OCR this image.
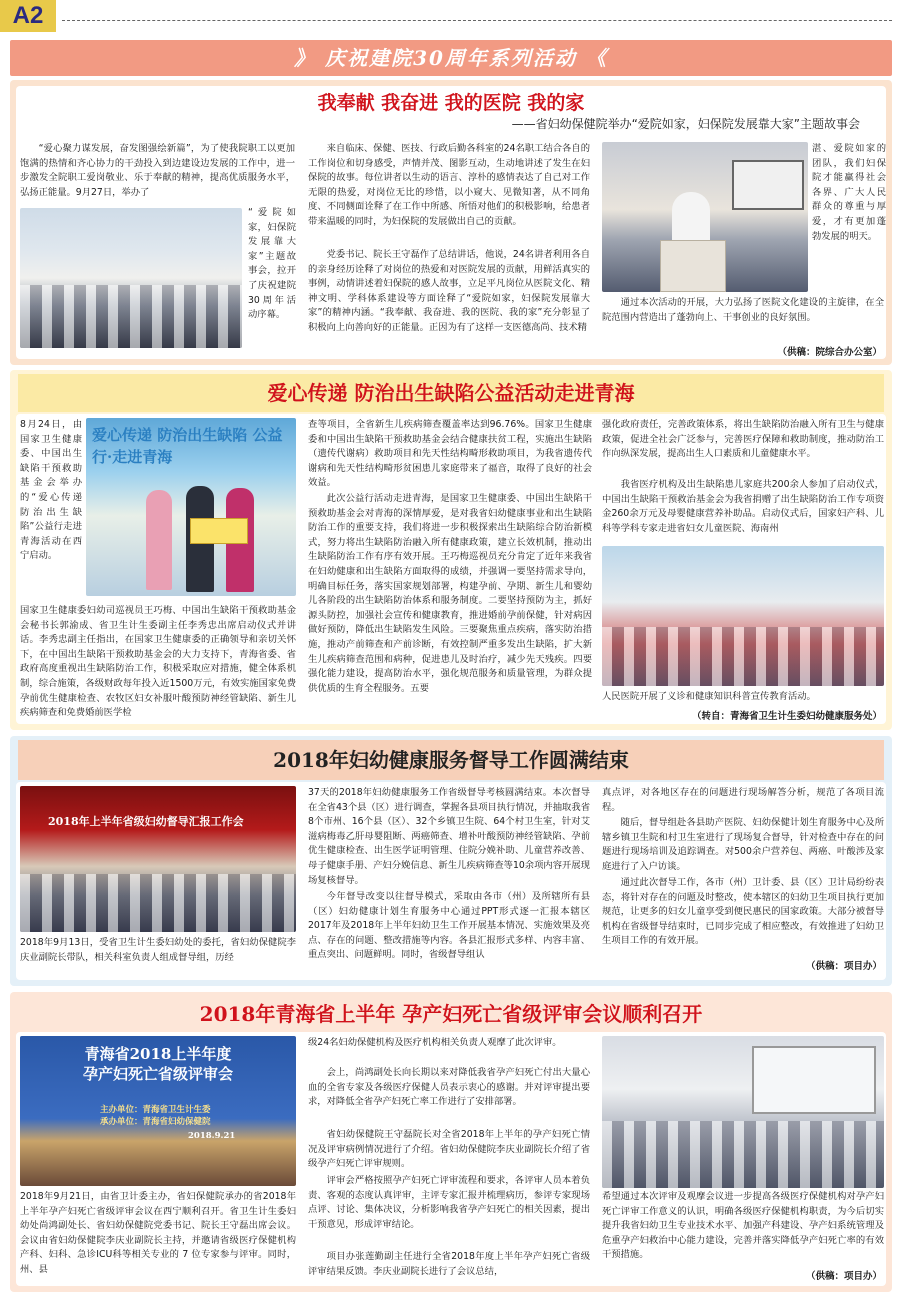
A2
》 庆祝建院30周年系列活动 《
我奉献 我奋进 我的医院 我的家
——省妇幼保健院举办“爱院如家，妇保院发展靠大家”主题故事会

“爱心聚力谋发展，奋发图强绘新篇”，为了使我院职工以更加饱满的热情和齐心协力的干劲投入到边建设边发展的工作中，进一步激发全院职工爱岗敬业、乐于奉献的精神，提高优质服务水平，弘扬正能量。9月27日，举办了

“爱院如家，妇保院发展靠大家”主题故事会，拉开了庆祝建院30周年活动序幕。

来自临床、保健、医技、行政后勤各科室的24名职工结合各自的工作岗位和切身感受，声情并茂、图影互动，生动地讲述了发生在妇保院的故事。每位讲者以生动的语言、淳朴的感情表达了自己对工作无限的热爱，对岗位无比的珍惜，以小窥大、见微知著，从不同角度、不同侧面诠释了在工作中所感、所悟对他们的积极影响，给患者带来温暖的同时，为妇保院的发展做出自己的贡献。

党委书记、院长王守磊作了总结讲话，他说，24名讲者利用各自的亲身经历诠释了对岗位的热爱和对医院发展的贡献，用鲜活真实的事例，动情讲述着妇保院的感人故事，立足平凡岗位从医院文化、精神文明、学科体系建设等方面诠释了“爱院如家，妇保院发展靠大家”的精神内涵。“我奉献、我奋进、我的医院、我的家”充分彰显了积极向上向善向好的正能量。正因为有了这样一支医德高尚、技术精

湛、爱院如家的团队，我们妇保院才能赢得社会各界、广大人民群众的尊重与厚爱，才有更加蓬勃发展的明天。

通过本次活动的开展，大力弘扬了医院文化建设的主旋律，在全院范围内营造出了蓬勃向上、干事创业的良好氛围。

（供稿：院综合办公室）
爱心传递 防治出生缺陷公益活动走进青海
8月24日，由国家卫生健康委、中国出生缺陷干预救助基金会举办的“爱心传递 防治出生缺陷”公益行走进青海活动在西宁启动。
爱心传递 防治出生缺陷 公益行·走进青海
国家卫生健康委妇幼司巡视员王巧梅、中国出生缺陷干预救助基金会秘书长郭渝成、省卫生计生委副主任李秀忠出席启动仪式并讲话。李秀忠副主任指出，在国家卫生健康委的正确领导和亲切关怀下，在中国出生缺陷干预救助基金会的大力支持下，青海省委、省政府高度重视出生缺陷防治工作，积极采取应对措施，健全体系机制，综合施策，各级财政每年投入近1500万元，有效实施国家免费孕前优生健康检查、农牧区妇女补服叶酸预防神经管缺陷、新生儿疾病筛查和免费婚前医学检
查等项目，全省新生儿疾病筛查覆盖率达到96.76%。国家卫生健康委和中国出生缺陷干预救助基金会结合健康扶贫工程，实施出生缺陷（遗传代谢病）救助项目和先天性结构畸形救助项目，为我省遗传代谢病和先天性结构畸形贫困患儿家庭带来了福音，取得了良好的社会效益。

此次公益行活动走进青海，是国家卫生健康委、中国出生缺陷干预救助基金会对青海的深情厚爱，是对我省妇幼健康事业和出生缺陷防治工作的重要支持，我们将进一步积极探索出生缺陷综合防治新模式，努力将出生缺陷防治融入所有健康政策，建立长效机制，推动出生缺陷防治工作有序有效开展。王巧梅巡视员充分肯定了近年来我省在妇幼健康和出生缺陷方面取得的成绩，并强调一要坚持需求导向，明确目标任务，落实国家规划部署，构建孕前、孕期、新生儿和婴幼儿各阶段的出生缺陷防治体系和服务制度。二要坚持预防为主，抓好源头防控，加强社会宣传和健康教育，推进婚前孕前保健，针对病因做好预防，降低出生缺陷发生风险。三要聚焦重点疾病，落实防治措施，推动产前筛查和产前诊断，有效控制严重多发出生缺陷，扩大新生儿疾病筛查范围和病种，促进患儿及时治疗，减少先天残疾。四要强化能力建设，提高防治水平，强化规范服务和质量管理，为群众提供优质的生育全程服务。五要

强化政府责任，完善政策体系，将出生缺陷防治融入所有卫生与健康政策，促进全社会广泛参与，完善医疗保障和救助制度，推动防治工作向纵深发展，提高出生人口素质和儿童健康水平。

我省医疗机构及出生缺陷患儿家庭共200余人参加了启动仪式，中国出生缺陷干预救治基金会为我省捐赠了出生缺陷防治工作专项资金260余万元及母婴健康营养补助品。启动仪式后，国家妇产科、儿科等学科专家走进省妇女儿童医院、海南州

人民医院开展了义诊和健康知识科普宣传教育活动。
（转自：青海省卫生计生委妇幼健康服务处）
2018年妇幼健康服务督导工作圆满结束
2018年上半年省级妇幼督导汇报工作会
2018年9月13日，受省卫生计生委妇幼处的委托，省妇幼保健院李庆业副院长带队，相关科室负责人组成督导组，历经
37天的2018年妇幼健康服务工作省级督导考核圆满结束。本次督导在全省43个县（区）进行调查，掌握各县项目执行情况，并抽取我省8个市州、16个县（区）、32个乡镇卫生院、64个村卫生室，针对艾滋病梅毒乙肝母婴阻断、两癌筛查、增补叶酸预防神经管缺陷、孕前优生健康检查、出生医学证明管理、住院分娩补助、儿童营养改善、母子健康手册、产妇分娩信息、新生儿疾病筛查等10余项内容开展现场复核督导。

今年督导改变以往督导模式，采取由各市（州）及所辖所有县（区）妇幼健康计划生育服务中心通过PPT形式逐一汇报本辖区2017年及2018年上半年妇幼卫生工作开展基本情况、实施效果及亮点、存在的问题、整改措施等内容。各县汇报形式多样、内容丰富、重点突出、问题鲜明。同时，省级督导组认

真点评，对各地区存在的问题进行现场解答分析，规范了各项目流程。

随后，督导组赴各县助产医院、妇幼保健计划生育服务中心及所辖乡镇卫生院和村卫生室进行了现场复合督导，针对检查中存在的问题进行现场培训及追踪调查。对500余户营养包、两癌、叶酸涉及家庭进行了入户访谈。

通过此次督导工作，各市（州）卫计委、县（区）卫计局纷纷表态，将针对存在的问题及时整改，使本辖区的妇幼卫生项目执行更加规范，让更多的妇女儿童享受到便民惠民的国家政策。大部分被督导机构在省级督导结束时，已同步完成了相应整改，有效推进了妇幼卫生项目工作的有效开展。

（供稿：项目办）
2018年青海省上半年 孕产妇死亡省级评审会议顺利召开
青海省2018上半年度
孕产妇死亡省级评审会
主办单位：青海省卫生计生委
承办单位：青海省妇幼保健院
2018.9.21
2018年9月21日，由省卫计委主办，省妇保健院承办的省2018年上半年孕产妇死亡省级评审会议在西宁顺利召开。省卫生计生委妇幼处尚鸿副处长、省妇幼保健院党委书记、院长王守磊出席会议。会议由省妇幼保健院李庆业副院长主持，并邀请省级医疗保健机构产科、妇科、急诊ICU科等相关专业的 7 位专家参与评审。同时，州、县
级24名妇幼保健机构及医疗机构相关负责人观摩了此次评审。

会上，尚鸿副处长向长期以来对降低我省孕产妇死亡付出大量心血的全省专家及各级医疗保健人员表示衷心的感谢。并对评审提出要求，对降低全省孕产妇死亡率工作进行了安排部署。

省妇幼保健院王守磊院长对全省2018年上半年的孕产妇死亡情况及评审病例情况进行了介绍。省妇幼保健院李庆业副院长介绍了省级孕产妇死亡评审规则。

评审会严格按照孕产妇死亡评审流程和要求，各评审人员本着负责、客观的态度认真评审，主评专家汇报并梳理病历，参评专家现场点评、讨论、集体决议，分析影响我省孕产妇死亡的相关因素，提出干预意见，形成评审结论。

项目办张莲勤副主任进行全省2018年度上半年孕产妇死亡省级评审结果反馈。李庆业副院长进行了会议总结，

希望通过本次评审及观摩会议进一步提高各级医疗保健机构对孕产妇死亡评审工作意义的认识，明确各级医疗保健机构职责，为今后切实提升我省妇幼卫生专业技术水平、加强产科建设、孕产妇系统管理及危重孕产妇救治中心能力建设，完善并落实降低孕产妇死亡率的有效干预措施。
（供稿：项目办）
